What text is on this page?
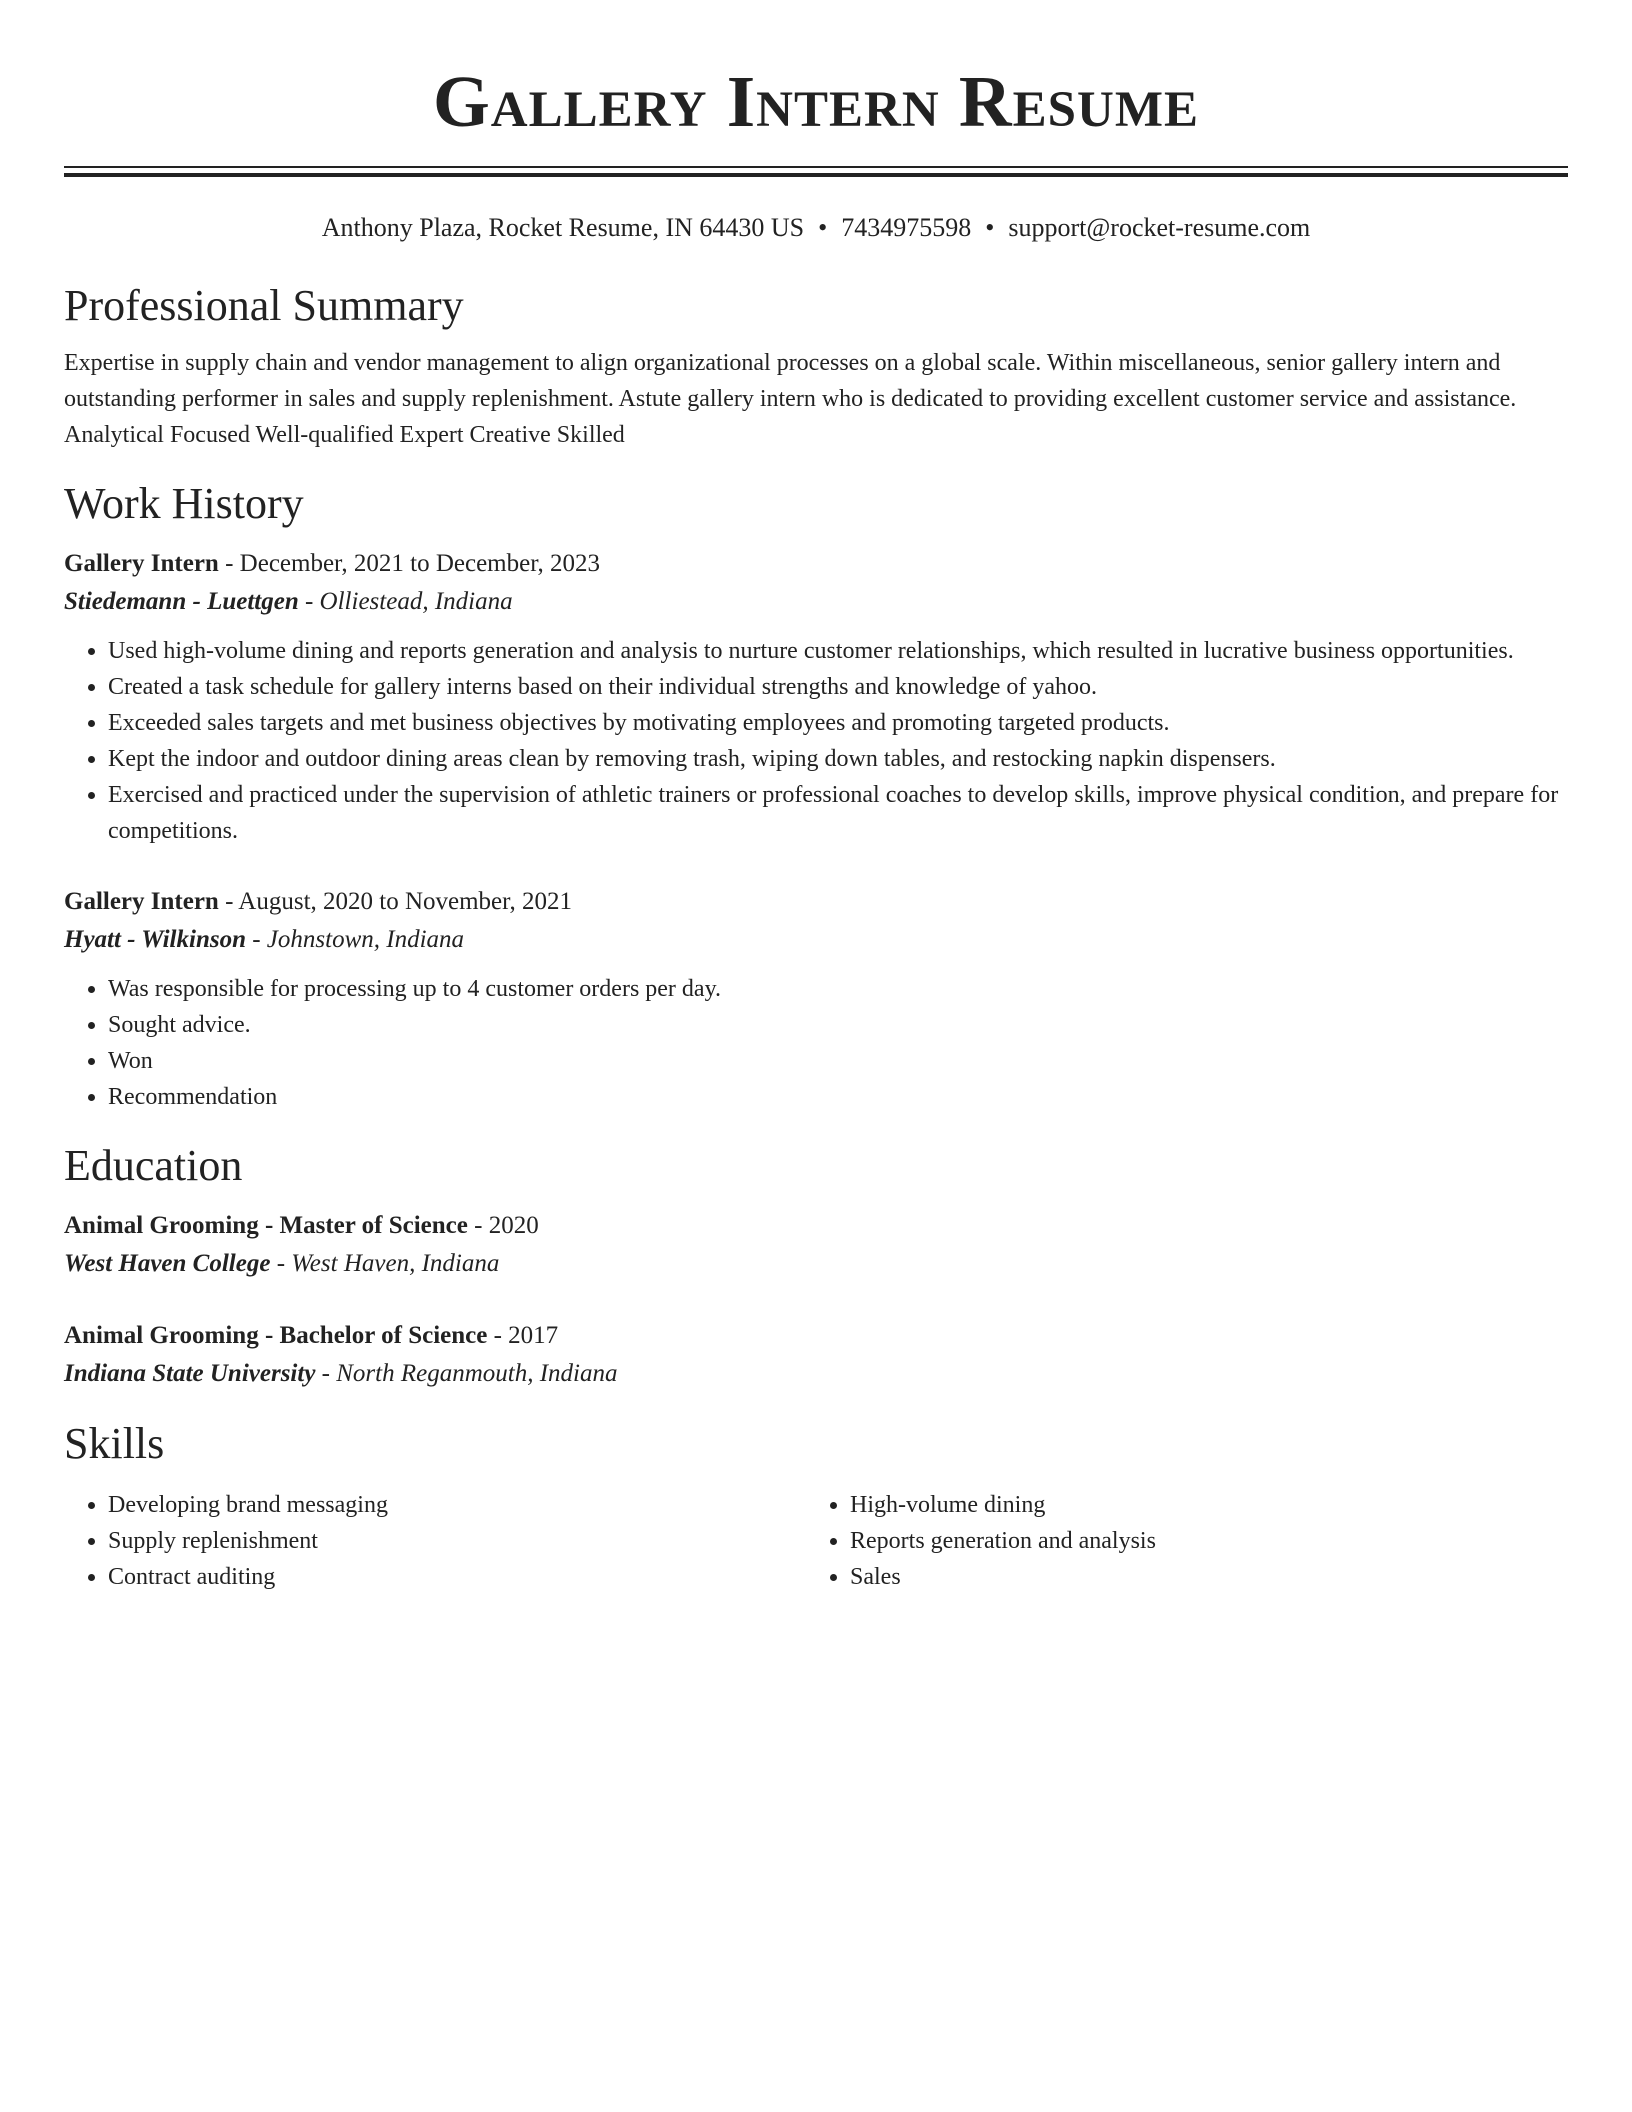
Gallery Intern Resume
Anthony Plaza, Rocket Resume, IN 64430 US • 7434975598 • support@rocket-resume.com
Professional Summary
Expertise in supply chain and vendor management to align organizational processes on a global scale. Within miscellaneous, senior gallery intern and outstanding performer in sales and supply replenishment. Astute gallery intern who is dedicated to providing excellent customer service and assistance. Analytical Focused Well-qualified Expert Creative Skilled
Work History
Gallery Intern - December, 2021 to December, 2023
Stiedemann - Luettgen - Olliestead, Indiana
• Used high-volume dining and reports generation and analysis to nurture customer relationships, which resulted in lucrative business opportunities.
• Created a task schedule for gallery interns based on their individual strengths and knowledge of yahoo.
• Exceeded sales targets and met business objectives by motivating employees and promoting targeted products.
• Kept the indoor and outdoor dining areas clean by removing trash, wiping down tables, and restocking napkin dispensers.
• Exercised and practiced under the supervision of athletic trainers or professional coaches to develop skills, improve physical condition, and prepare for competitions.
Gallery Intern - August, 2020 to November, 2021
Hyatt - Wilkinson - Johnstown, Indiana
• Was responsible for processing up to 4 customer orders per day.
• Sought advice.
• Won
• Recommendation
Education
Animal Grooming - Master of Science - 2020
West Haven College - West Haven, Indiana
Animal Grooming - Bachelor of Science - 2017
Indiana State University - North Reganmouth, Indiana
Skills
• Developing brand messaging
• Supply replenishment
• Contract auditing
• High-volume dining
• Reports generation and analysis
• Sales
